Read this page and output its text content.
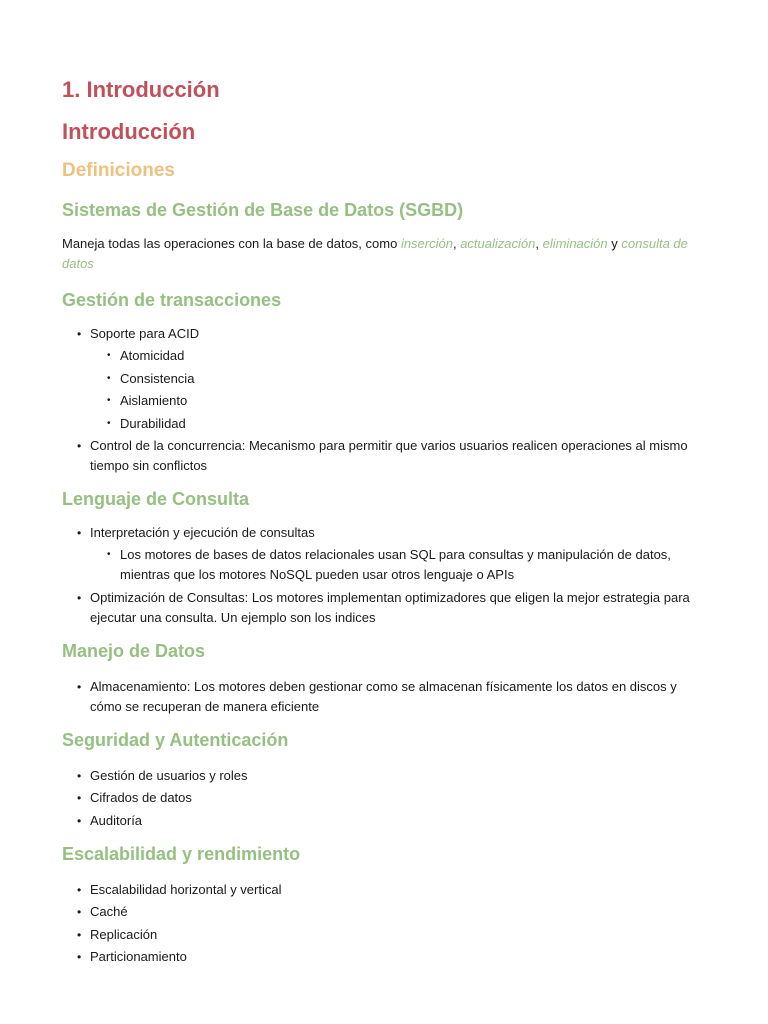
1. Introducción
Introducción
Definiciones
Sistemas de Gestión de Base de Datos (SGBD)

Maneja todas las operaciones con la base de datos, como inserción, actualización, eliminación y consulta de datos

Gestión de transacciones
• Soporte para ACID
• Atomicidad
• Consistencia
• Aislamiento
• Durabilidad
• Control de la concurrencia: Mecanismo para permitir que varios usuarios realicen operaciones al mismo tiempo sin conflictos
Lenguaje de Consulta
• Interpretación y ejecución de consultas
• Los motores de bases de datos relacionales usan SQL para consultas y manipulación de datos, mientras que los motores NoSQL pueden usar otros lenguaje o APIs
• Optimización de Consultas: Los motores implementan optimizadores que eligen la mejor estrategia para ejecutar una consulta. Un ejemplo son los indices
Manejo de Datos
• Almacenamiento: Los motores deben gestionar como se almacenan físicamente los datos en discos y cómo se recuperan de manera eficiente
Seguridad y Autenticación
• Gestión de usuarios y roles
• Cifrados de datos
• Auditoría
Escalabilidad y rendimiento
• Escalabilidad horizontal y vertical
• Caché
• Replicación
• Particionamiento
